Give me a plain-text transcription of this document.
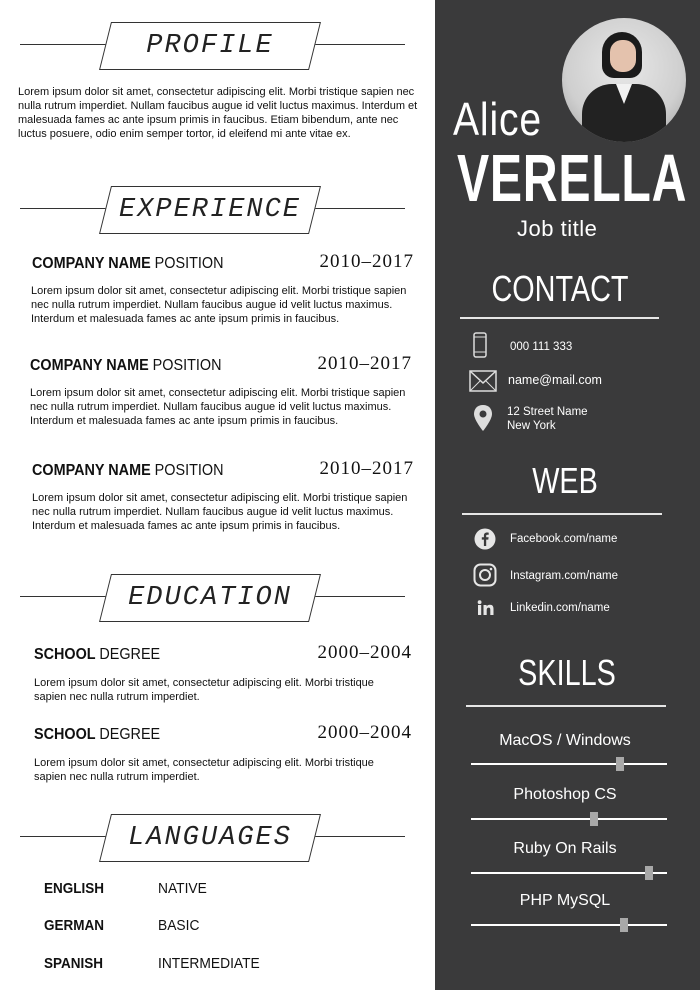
PROFILE
Lorem ipsum dolor sit amet, consectetur adipiscing elit. Morbi tristique sapien nec nulla rutrum imperdiet. Nullam faucibus augue id velit luctus maximus. Interdum et malesuada fames ac ante ipsum primis in faucibus. Etiam bibendum, ante nec luctus posuere, odio enim semper tortor, id eleifend mi ante vitae ex.
EXPERIENCE
COMPANY NAME POSITION	2010–2017
Lorem ipsum dolor sit amet, consectetur adipiscing elit. Morbi tristique sapien nec nulla rutrum imperdiet. Nullam faucibus augue id velit luctus maximus. Interdum et malesuada fames ac ante ipsum primis in faucibus.
COMPANY NAME POSITION	2010–2017
Lorem ipsum dolor sit amet, consectetur adipiscing elit. Morbi tristique sapien nec nulla rutrum imperdiet. Nullam faucibus augue id velit luctus maximus. Interdum et malesuada fames ac ante ipsum primis in faucibus.
COMPANY NAME POSITION	2010–2017
Lorem ipsum dolor sit amet, consectetur adipiscing elit. Morbi tristique sapien nec nulla rutrum imperdiet. Nullam faucibus augue id velit luctus maximus. Interdum et malesuada fames ac ante ipsum primis in faucibus.
EDUCATION
SCHOOL DEGREE	2000–2004
Lorem ipsum dolor sit amet, consectetur adipiscing elit. Morbi tristique sapien nec nulla rutrum imperdiet.
SCHOOL DEGREE	2000–2004
Lorem ipsum dolor sit amet, consectetur adipiscing elit. Morbi tristique sapien nec nulla rutrum imperdiet.
LANGUAGES
ENGLISH	NATIVE
GERMAN	BASIC
SPANISH	INTERMEDIATE
Alice
VERELLA
Job title
CONTACT
000 111 333
name@mail.com
12 Street Name
New York
WEB
Facebook.com/name
Instagram.com/name
Linkedin.com/name
SKILLS
MacOS / Windows
Photoshop CS
Ruby On Rails
PHP MySQL
